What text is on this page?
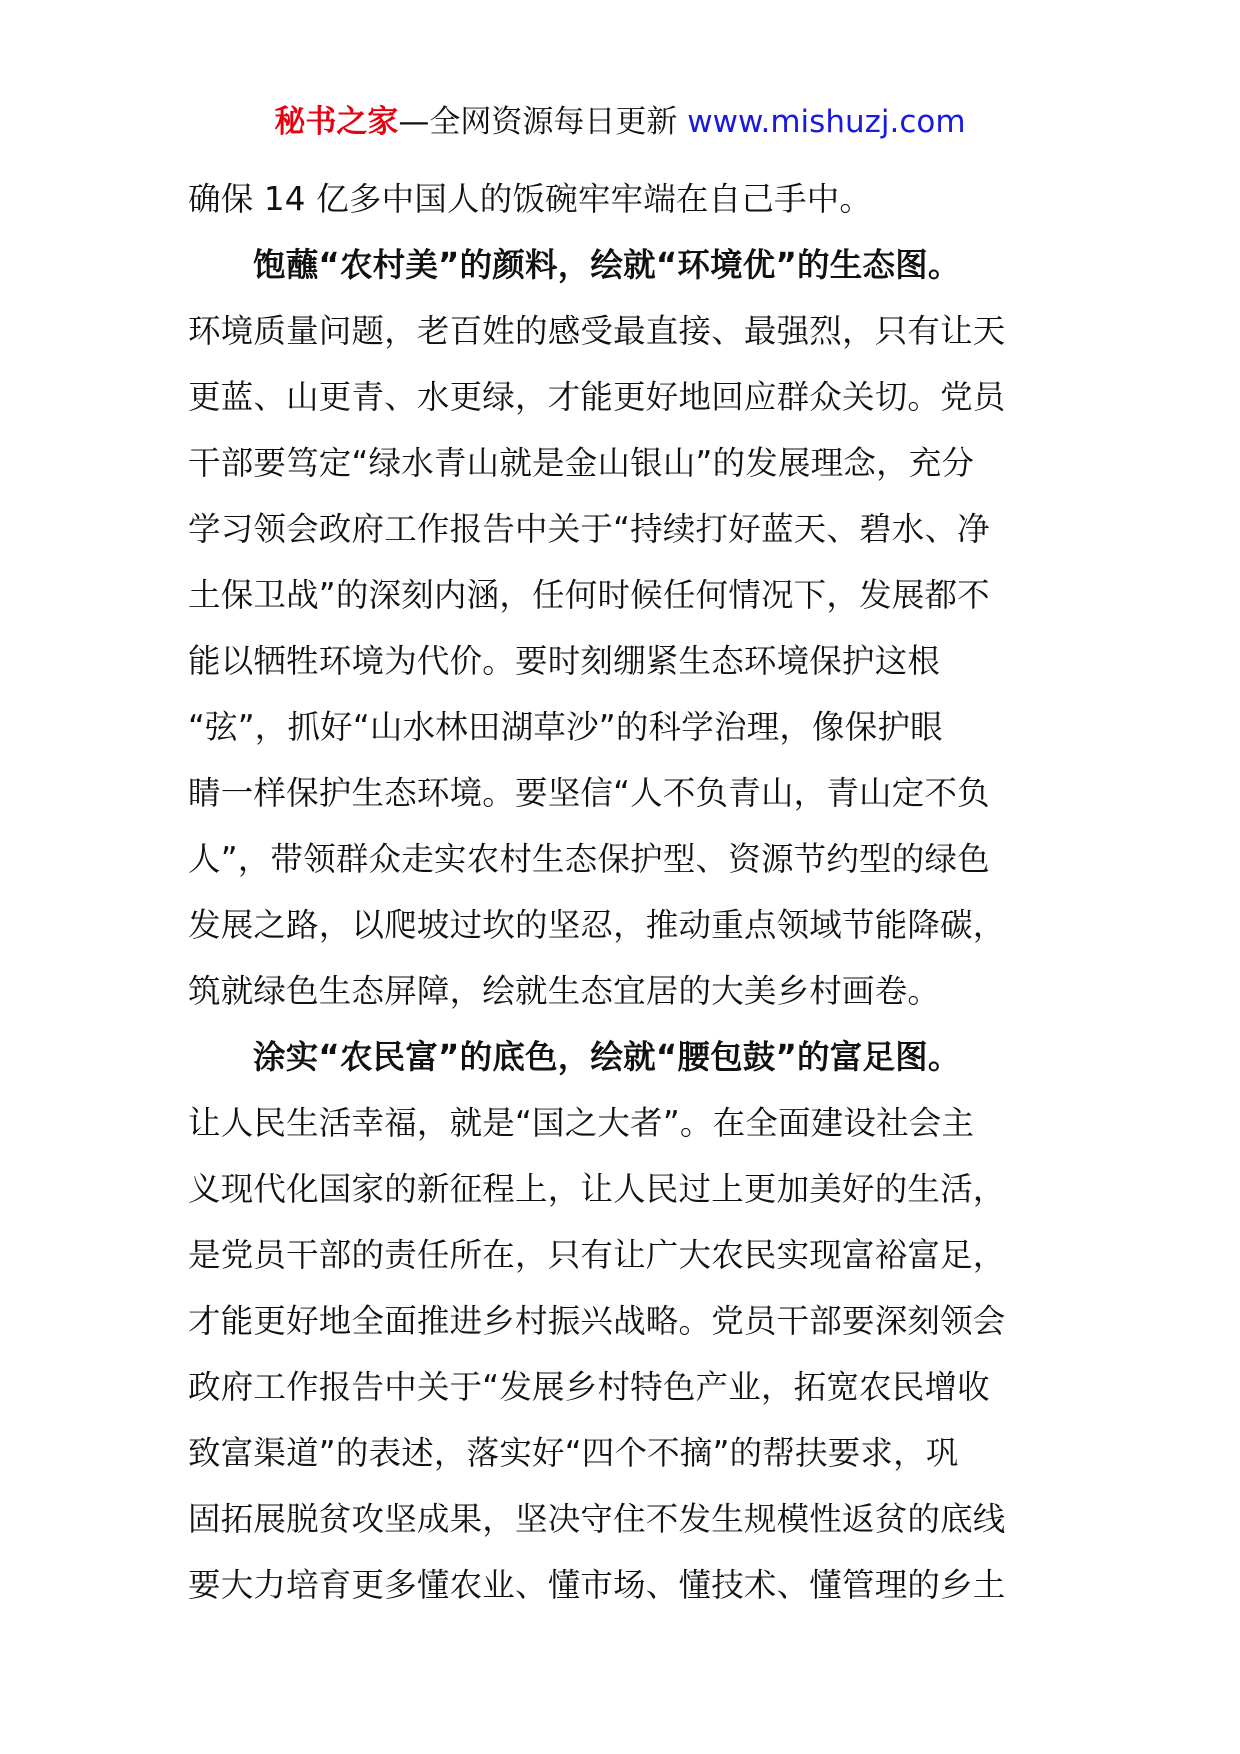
秘书之家—全网资源每日更新 www.mishuzj.com
确保 14 亿多中国人的饭碗牢牢端在自己手中。
饱蘸“农村美”的颜料，绘就“环境优”的生态图。
环境质量问题，老百姓的感受最直接、最强烈，只有让天
更蓝、山更青、水更绿，才能更好地回应群众关切。党员
干部要笃定“绿水青山就是金山银山”的发展理念，充分
学习领会政府工作报告中关于“持续打好蓝天、碧水、净
土保卫战”的深刻内涵，任何时候任何情况下，发展都不
能以牺牲环境为代价。要时刻绷紧生态环境保护这根
“弦”，抓好“山水林田湖草沙”的科学治理，像保护眼
睛一样保护生态环境。要坚信“人不负青山，青山定不负
人”，带领群众走实农村生态保护型、资源节约型的绿色
发展之路，以爬坡过坎的坚忍，推动重点领域节能降碳，
筑就绿色生态屏障，绘就生态宜居的大美乡村画卷。
涂实“农民富”的底色，绘就“腰包鼓”的富足图。
让人民生活幸福，就是“国之大者”。在全面建设社会主
义现代化国家的新征程上，让人民过上更加美好的生活，
是党员干部的责任所在，只有让广大农民实现富裕富足，
才能更好地全面推进乡村振兴战略。党员干部要深刻领会
政府工作报告中关于“发展乡村特色产业，拓宽农民增收
致富渠道”的表述，落实好“四个不摘”的帮扶要求，巩
固拓展脱贫攻坚成果，坚决守住不发生规模性返贫的底线
要大力培育更多懂农业、懂市场、懂技术、懂管理的乡土
